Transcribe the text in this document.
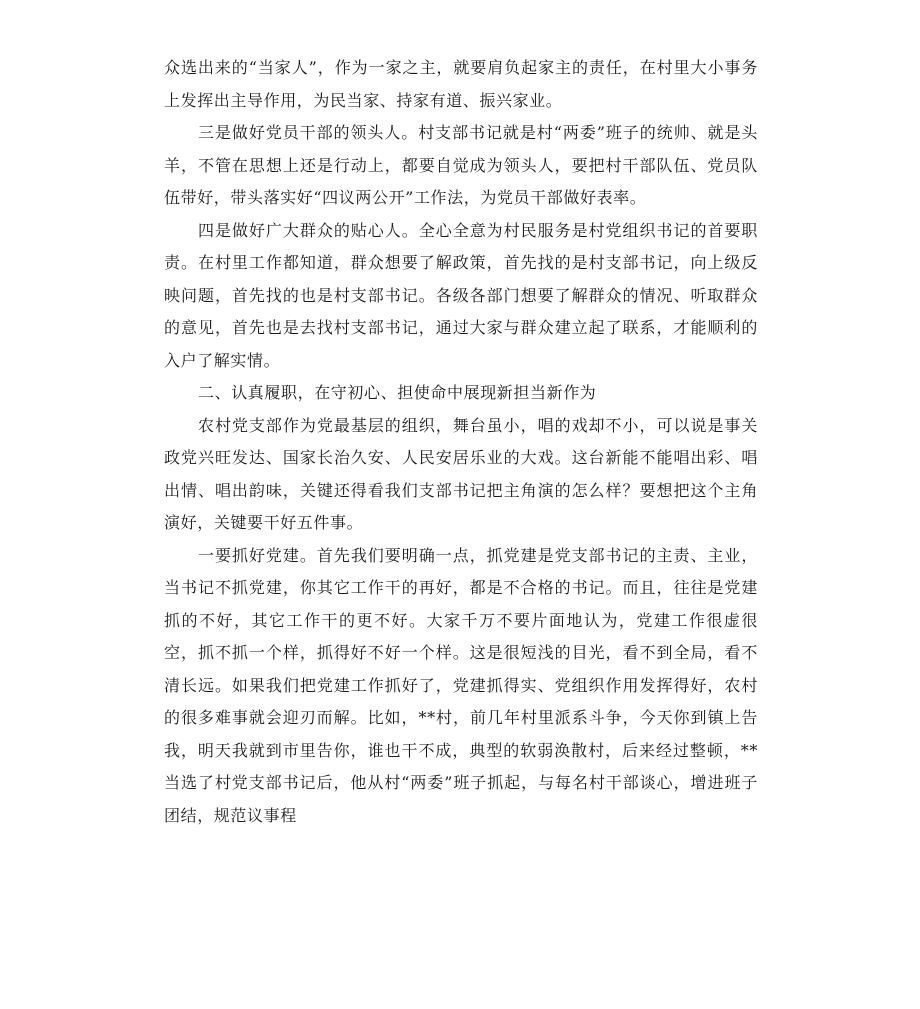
众选出来的“当家人”，作为一家之主，就要肩负起家主的责任，在村里大小事务上发挥出主导作用，为民当家、持家有道、振兴家业。

三是做好党员干部的领头人。村支部书记就是村“两委”班子的统帅、就是头羊，不管在思想上还是行动上，都要自觉成为领头人，要把村干部队伍、党员队伍带好，带头落实好“四议两公开”工作法，为党员干部做好表率。

四是做好广大群众的贴心人。全心全意为村民服务是村党组织书记的首要职责。在村里工作都知道，群众想要了解政策，首先找的是村支部书记，向上级反映问题，首先找的也是村支部书记。各级各部门想要了解群众的情况、听取群众的意见，首先也是去找村支部书记，通过大家与群众建立起了联系，才能顺利的入户了解实情。

二、认真履职，在守初心、担使命中展现新担当新作为

农村党支部作为党最基层的组织，舞台虽小，唱的戏却不小，可以说是事关政党兴旺发达、国家长治久安、人民安居乐业的大戏。这台新能不能唱出彩、唱出情、唱出韵味，关键还得看我们支部书记把主角演的怎么样？要想把这个主角演好，关键要干好五件事。

一要抓好党建。首先我们要明确一点，抓党建是党支部书记的主责、主业，当书记不抓党建，你其它工作干的再好，都是不合格的书记。而且，往往是党建抓的不好，其它工作干的更不好。大家千万不要片面地认为，党建工作很虚很空，抓不抓一个样，抓得好不好一个样。这是很短浅的目光，看不到全局，看不清长远。如果我们把党建工作抓好了，党建抓得实、党组织作用发挥得好，农村的很多难事就会迎刃而解。比如，**村，前几年村里派系斗争，今天你到镇上告我，明天我就到市里告你，谁也干不成，典型的软弱涣散村，后来经过整顿，**当选了村党支部书记后，他从村“两委”班子抓起，与每名村干部谈心，增进班子团结，规范议事程
